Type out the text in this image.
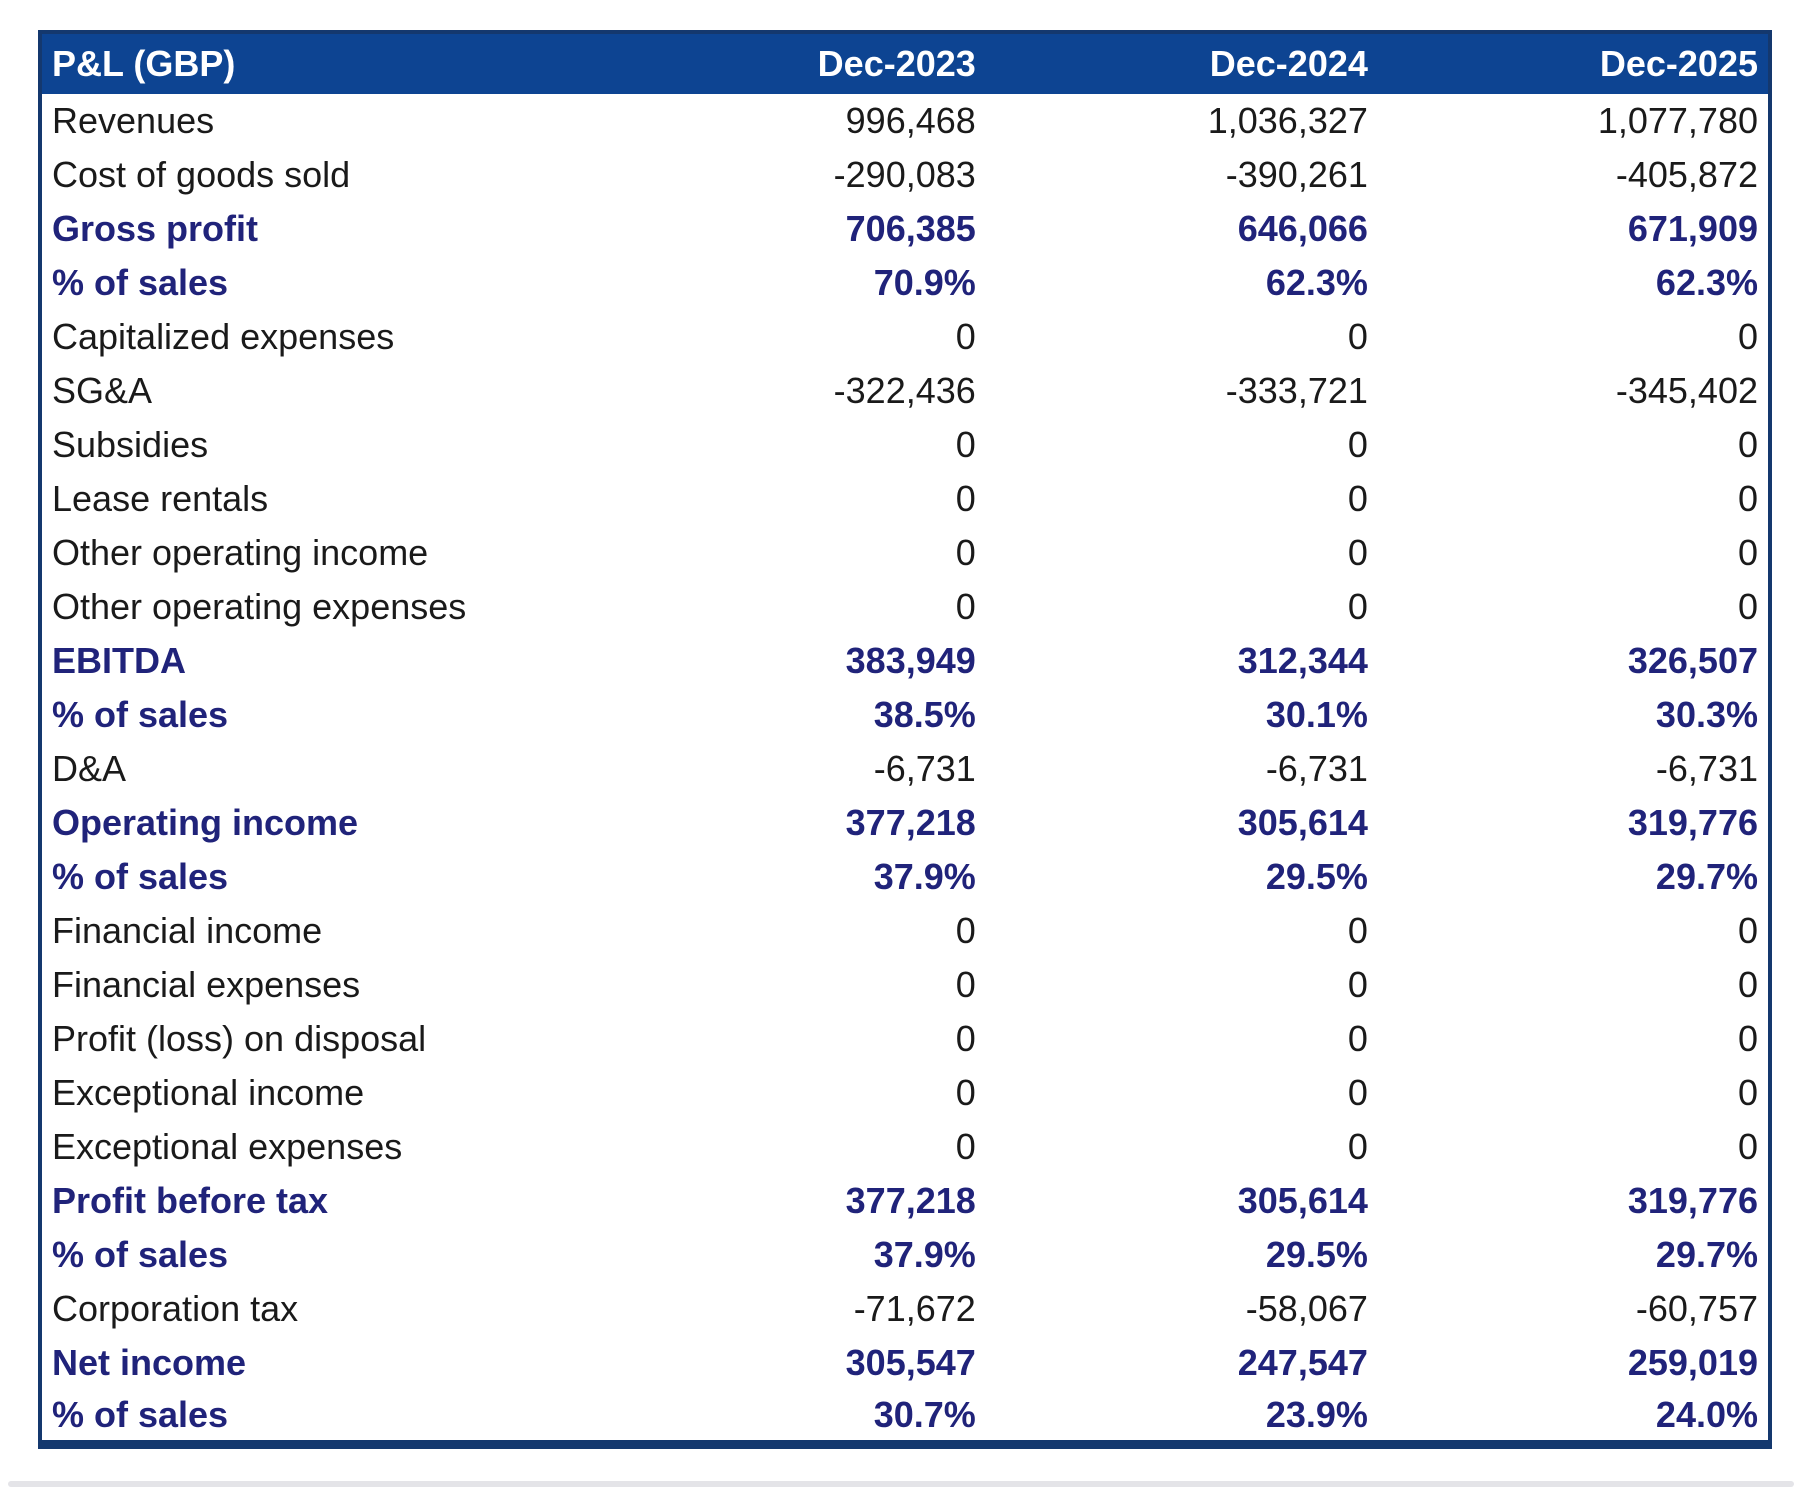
P&L (GBP)	Dec-2023	Dec-2024	Dec-2025
Revenues	996,468	1,036,327	1,077,780
Cost of goods sold	-290,083	-390,261	-405,872
Gross profit	706,385	646,066	671,909
% of sales	70.9%	62.3%	62.3%
Capitalized expenses	0	0	0
SG&A	-322,436	-333,721	-345,402
Subsidies	0	0	0
Lease rentals	0	0	0
Other operating income	0	0	0
Other operating expenses	0	0	0
EBITDA	383,949	312,344	326,507
% of sales	38.5%	30.1%	30.3%
D&A	-6,731	-6,731	-6,731
Operating income	377,218	305,614	319,776
% of sales	37.9%	29.5%	29.7%
Financial income	0	0	0
Financial expenses	0	0	0
Profit (loss) on disposal	0	0	0
Exceptional income	0	0	0
Exceptional expenses	0	0	0
Profit before tax	377,218	305,614	319,776
% of sales	37.9%	29.5%	29.7%
Corporation tax	-71,672	-58,067	-60,757
Net income	305,547	247,547	259,019
% of sales	30.7%	23.9%	24.0%
